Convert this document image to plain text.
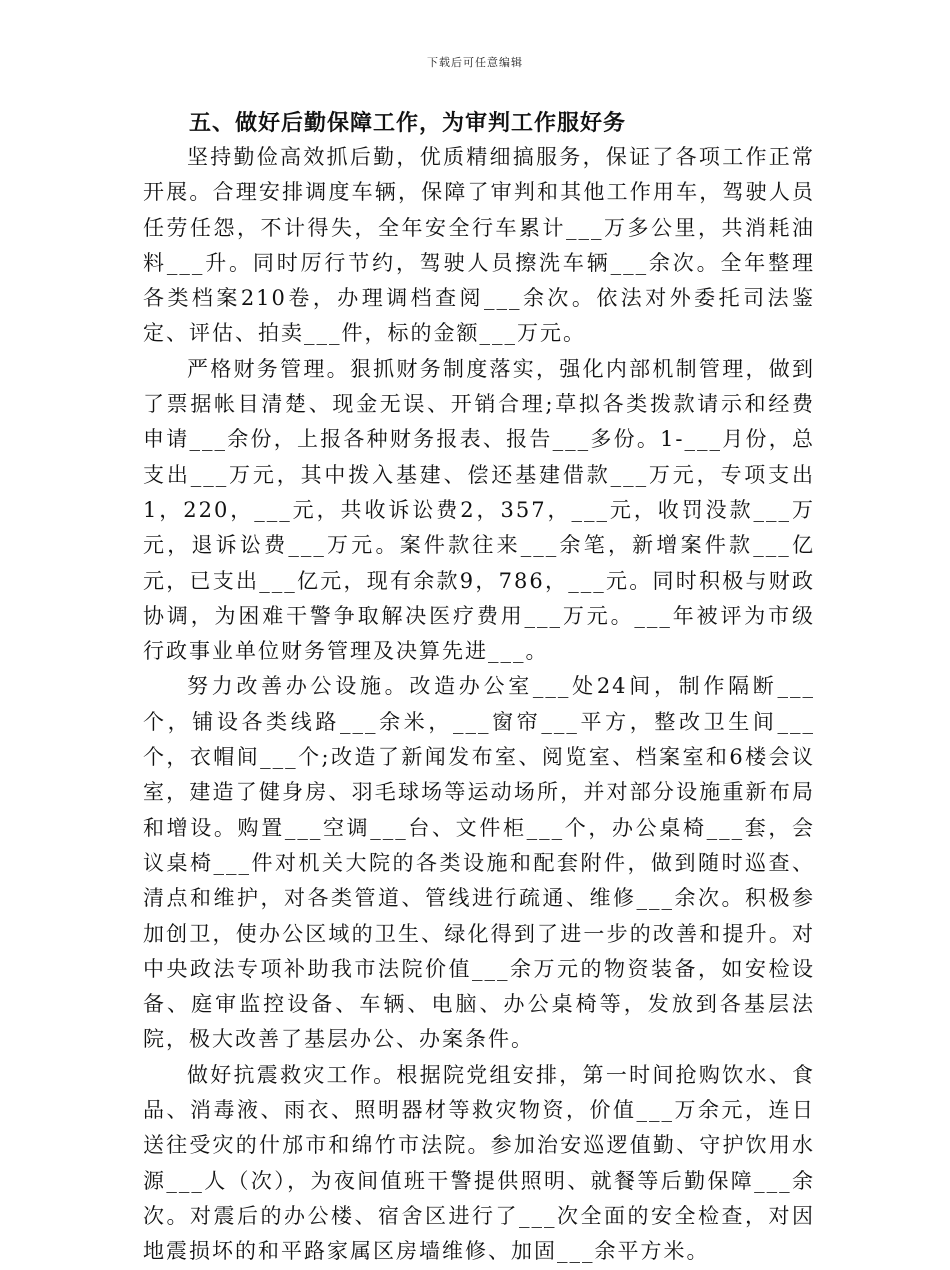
下载后可任意编辑
五、做好后勤保障工作，为审判工作服好务

坚持勤俭高效抓后勤，优质精细搞服务，保证了各项工作正常开展。合理安排调度车辆，保障了审判和其他工作用车，驾驶人员任劳任怨，不计得失，全年安全行车累计___万多公里，共消耗油料___升。同时厉行节约，驾驶人员擦洗车辆___余次。全年整理各类档案210卷，办理调档查阅___余次。依法对外委托司法鉴定、评估、拍卖___件，标的金额___万元。

严格财务管理。狠抓财务制度落实，强化内部机制管理，做到了票据帐目清楚、现金无误、开销合理;草拟各类拨款请示和经费申请___余份，上报各种财务报表、报告___多份。1-___月份，总支出___万元，其中拨入基建、偿还基建借款___万元，专项支出1，220，___元，共收诉讼费2，357，___元，收罚没款___万元，退诉讼费___万元。案件款往来___余笔，新增案件款___亿元，已支出___亿元，现有余款9，786，___元。同时积极与财政协调，为困难干警争取解决医疗费用___万元。___年被评为市级行政事业单位财务管理及决算先进___。

努力改善办公设施。改造办公室___处24间，制作隔断___个，铺设各类线路___余米，___窗帘___平方，整改卫生间___个，衣帽间___个;改造了新闻发布室、阅览室、档案室和6楼会议室，建造了健身房、羽毛球场等运动场所，并对部分设施重新布局和增设。购置___空调___台、文件柜___个，办公桌椅___套，会议桌椅___件对机关大院的各类设施和配套附件，做到随时巡查、清点和维护，对各类管道、管线进行疏通、维修___余次。积极参加创卫，使办公区域的卫生、绿化得到了进一步的改善和提升。对中央政法专项补助我市法院价值___余万元的物资装备，如安检设备、庭审监控设备、车辆、电脑、办公桌椅等，发放到各基层法院，极大改善了基层办公、办案条件。

做好抗震救灾工作。根据院党组安排，第一时间抢购饮水、食品、消毒液、雨衣、照明器材等救灾物资，价值___万余元，连日送往受灾的什邡市和绵竹市法院。参加治安巡逻值勤、守护饮用水源___人（次），为夜间值班干警提供照明、就餐等后勤保障___余次。对震后的办公楼、宿舍区进行了___次全面的安全检查，对因地震损坏的和平路家属区房墙维修、加固___余平方米。
